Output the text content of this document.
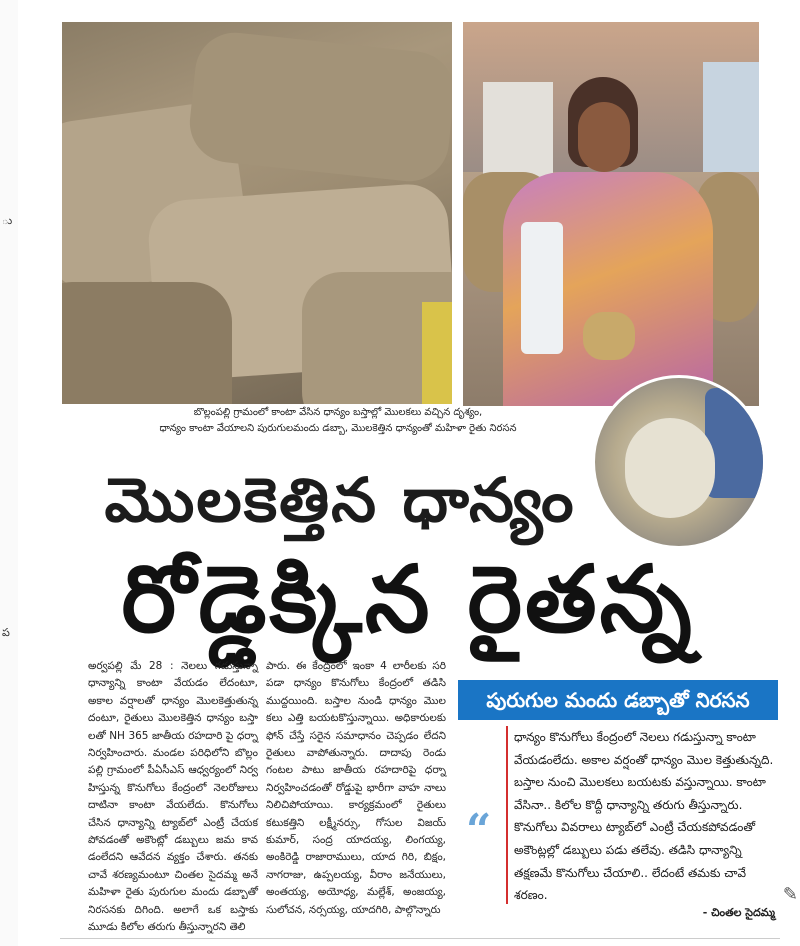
ు
ప
బొల్లంపల్లి గ్రామంలో కాంటా వేసిన ధాన్యం బస్తాల్లో మొలకలు వచ్చిన దృశ్యం,
ధాన్యం కాంటా వేయాలని పురుగులమందు డబ్బా, మొలకెత్తిన ధాన్యంతో మహిళా రైతు నిరసన
మొలకెత్తిన ధాన్యం
రోడ్డెక్కిన రైతన్న

అర్వపల్లి మే 28 : నెలలు గడుస్తున్నా ధాన్యాన్ని కాంటా వేయడం లేదంటూ, అకాల వర్షాలతో ధాన్యం మొలకెత్తుతున్న దంటూ, రైతులు మొలకెత్తిన ధాన్యం బస్తా లతో NH 365 జాతీయ రహదారి పై ధర్నా నిర్వహించారు. మండల పరిధిలోని బొల్లం పల్లి గ్రామంలో పీఏసీఎస్ ఆధ్వర్యంలో నిర్వ హిస్తున్న కొనుగోలు కేంద్రంలో నెలరోజులు దాటినా కాంటా వేయలేదు. కొనుగోలు చేసిన ధాన్యాన్ని ట్యాబ్‌లో ఎంట్రీ చేయక పోవడంతో అకౌంట్లో డబ్బులు జమ కావ డంలేదని ఆవేదన వ్యక్తం చేశారు. తనకు చావే శరణ్యమంటూ చింతల సైదమ్మ అనే మహిళా రైతు పురుగుల మందు డబ్బాతో నిరసనకు దిగింది. అలాగే ఒక బస్తాకు మూడు కిలోల తరుగు తీస్తున్నారని తెలి

పారు. ఈ కేంద్రంలో ఇంకా 4 లారీలకు సరి పడా ధాన్యం కొనుగోలు కేంద్రంలో తడిసి ముద్దయింది. బస్తాల నుండి ధాన్యం మొల కలు ఎత్తి బయటకొస్తున్నాయి. అధికారులకు ఫోన్ చేస్తే సరైన సమాధానం చెప్పడం లేదని రైతులు వాపోతున్నారు. దాదాపు రెండు గంటల పాటు జాతీయ రహదారిపై ధర్నా నిర్వహించడంతో రోడ్డుపై భారీగా వాహ నాలు నిలిచిపోయాయి. కార్యక్రమంలో రైతులు కటుకత్తిని లక్ష్మీనర్సు, గోసుల విజయ్ కుమార్, సంద్ర యాదయ్య, లింగయ్య, అంకిరెడ్డి రాజారాములు, యాద గిరి, బిక్షం, నాగరాజు, ఉప్పలయ్య, వీరాం జనేయులు, అంతయ్య, అయోధ్య, మల్లేశ్, అంజయ్య, సులోచన, నర్సయ్య, యాదగిరి, పాల్గొన్నారు

పురుగుల మందు డబ్బాతో నిరసన
“
ధాన్యం కొనుగోలు కేంద్రంలో నెలలు గడుస్తున్నా కాంటా వేయడంలేదు. అకాల వర్షంతో ధాన్యం మొల కెత్తుతున్నది. బస్తాల నుంచి మొలకలు బయటకు వస్తున్నాయి. కాంటా వేసినా.. కిలోల కొద్దీ ధాన్యాన్ని తరుగు తీస్తున్నారు. కొనుగోలు వివరాలు ట్యాబ్‌లో ఎంట్రీ చేయకపోవడంతో అకౌంట్లల్లో డబ్బులు పడు తలేవు. తడిసి ధాన్యాన్ని తక్షణమే కొనుగోలు చేయాలి.. లేదంటే తమకు చావే శరణం.
- చింతల సైదమ్మ
✎
